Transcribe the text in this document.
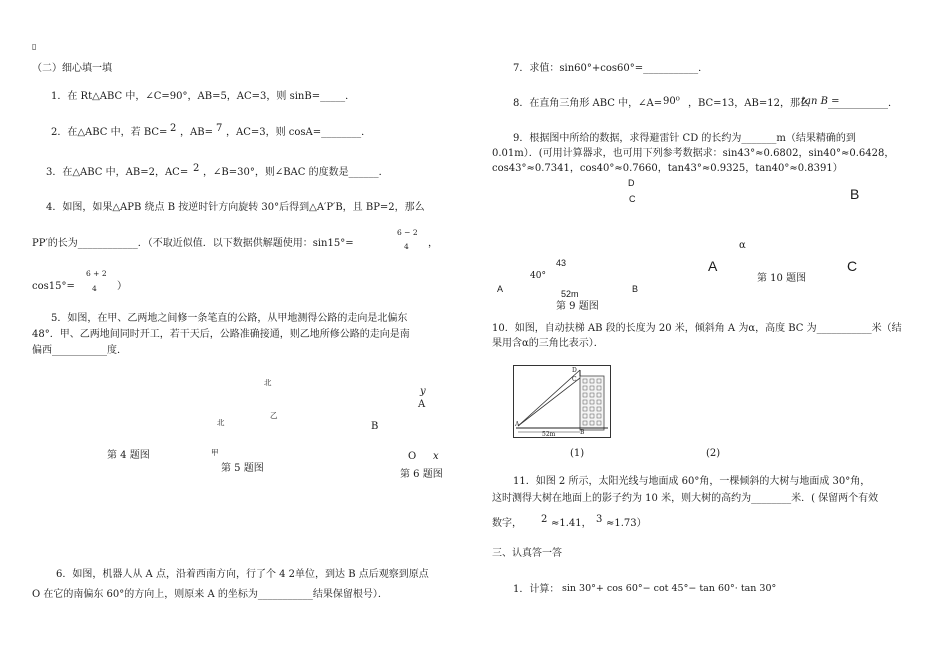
▯
（二）细心填一填
1．在 Rt△ABC 中，∠C=90°，AB=5，AC=3，则 sinB=_____．
2．在△ABC 中，若 BC= 2 ，AB= 7 ，AC=3，则 cosA=________．
3．在△ABC 中，AB=2，AC= 2 ，∠B=30°，则∠BAC 的度数是______．
4．如图，如果△APB 绕点 B 按逆时针方向旋转 30°后得到△A′P′B，且 BP=2，那么
PP′的长为____________．（不取近似值．以下数据供解题使用：sin15°=
6 − 2
4 ，
cos15°=
6 + 2
4 ）
5．如图，在甲、乙两地之间修一条笔直的公路，从甲地测得公路的走向是北偏东
48°．甲、乙两地间同时开工，若干天后，公路准确接通，则乙地所修公路的走向是南
偏西___________度．
北
北
乙
甲
y
A
B
O x
第 4 题图
第 5 题图
第 6 题图
6．如图，机器人从 A 点，沿着西南方向，行了个 4 2单位，到达 B 点后观察到原点
O 在它的南偏东 60°的方向上，则原来 A 的坐标为___________结果保留根号）．
7．求值：sin60°+cos60°=___________．
8．在直角三角形 ABC 中，∠A= 90⁰ ，BC=13，AB=12，那么
tan B =
____________．
9．根据图中所给的数据，求得避雷针 CD 的长约为_______m（结果精确的到
0.01m）．(可用计算器求，也可用下列参考数据求：sin43°≈0.6802，sin40°≈0.6428，
cos43°≈0.7341，cos40°≈0.7660，tan43°≈0.9325，tan40°≈0.8391）
D
C
43
40°
A	B
52m
第 9 题图
B
α
A	C
第 10 题图
10．如图，自动扶梯 AB 段的长度为 20 米，倾斜角 A 为α，高度 BC 为___________米（结
果用含α的三角比表示）．
D
C
A
B
52m
(1)	(2)
11．如图 2 所示，太阳光线与地面成 60°角，一棵倾斜的大树与地面成 30°角，
这时测得大树在地面上的影子约为 10 米，则大树的高约为________米．( 保留两个有效
数字， 2 ≈1.41， 3 ≈1.73）
三、认真答一答
1．计算： sin 30°+ cos 60°− cot 45°− tan 60°· tan 30°
